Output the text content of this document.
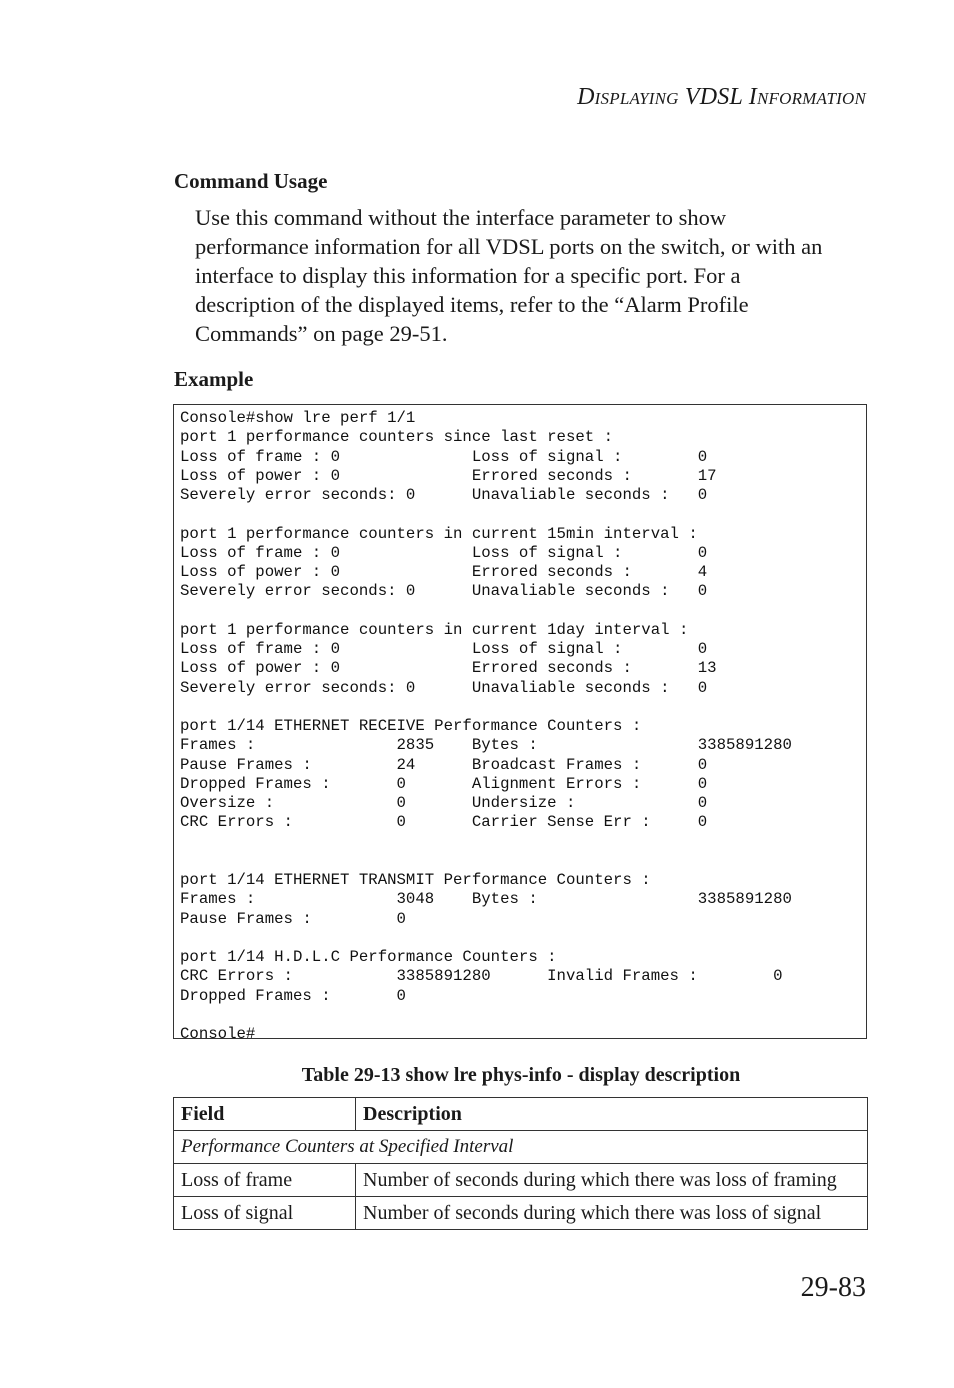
DISPLAYING VDSL INFORMATION
Command Usage
Use this command without the interface parameter to show
performance information for all VDSL ports on the switch, or with an
interface to display this information for a specific port. For a
description of the displayed items, refer to the “Alarm Profile
Commands” on page 29-51.
Example
Console#show lre perf 1/1
port 1 performance counters since last reset :
Loss of frame : 0              Loss of signal :        0
Loss of power : 0              Errored seconds :       17
Severely error seconds: 0      Unavaliable seconds :   0
port 1 performance counters in current 15min interval :
Loss of frame : 0              Loss of signal :        0
Loss of power : 0              Errored seconds :       4
Severely error seconds: 0      Unavaliable seconds :   0
port 1 performance counters in current 1day interval :
Loss of frame : 0              Loss of signal :        0
Loss of power : 0              Errored seconds :       13
Severely error seconds: 0      Unavaliable seconds :   0
port 1/14 ETHERNET RECEIVE Performance Counters :
Frames :               2835    Bytes :                 3385891280
Pause Frames :         24      Broadcast Frames :      0
Dropped Frames :       0       Alignment Errors :      0
Oversize :             0       Undersize :             0
CRC Errors :           0       Carrier Sense Err :     0
port 1/14 ETHERNET TRANSMIT Performance Counters :
Frames :               3048    Bytes :                 3385891280
Pause Frames :         0
port 1/14 H.D.L.C Performance Counters :
CRC Errors :           3385891280      Invalid Frames :        0
Dropped Frames :       0
Console#
Table 29-13 show lre phys-info - display description
Field	Description
Performance Counters at Specified Interval	
Loss of frame	Number of seconds during which there was loss of framing
Loss of signal	Number of seconds during which there was loss of signal
29-83
